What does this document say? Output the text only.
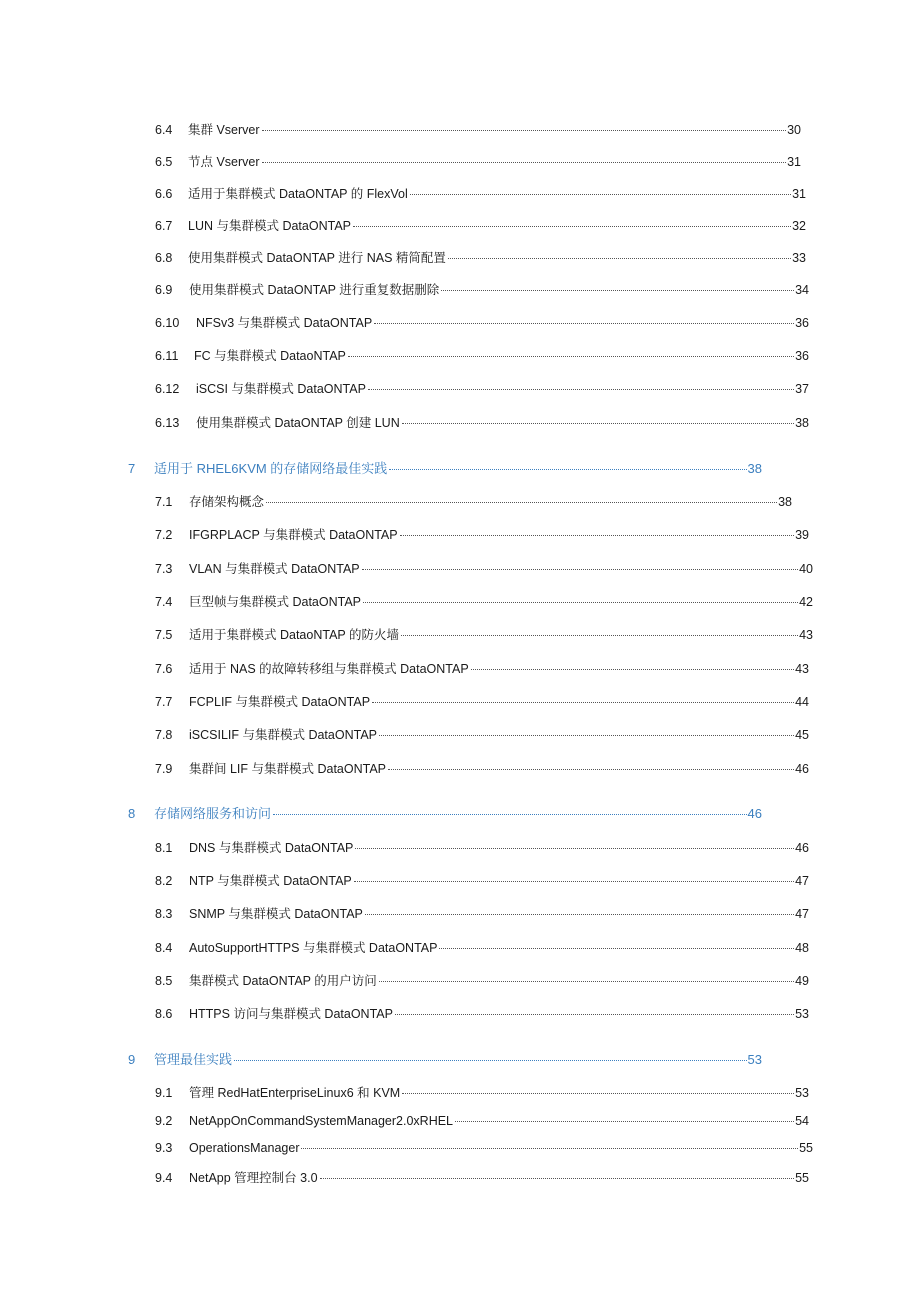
6.4	集群 Vserver	30
6.5	节点 Vserver	31
6.6	适用于集群模式 DataONTAP 的 FlexVol	31
6.7	LUN 与集群模式 DataONTAP	32
6.8	使用集群模式 DataONTAP 进行 NAS 精简配置	33
6.9	使用集群模式 DataONTAP 进行重复数据删除	34
6.10	NFSv3 与集群模式 DataONTAP	36
6.11	FC 与集群模式 DataoNTAP	36
6.12	iSCSI 与集群模式 DataONTAP	37
6.13	使用集群模式 DataONTAP 创建 LUN	38
7	适用于 RHEL6KVM 的存储网络最佳实践	38
7.1	存储架构概念	38
7.2	IFGRPLACP 与集群模式 DataONTAP	39
7.3	VLAN 与集群模式 DataONTAP	40
7.4	巨型帧与集群模式 DataONTAP	42
7.5	适用于集群模式 DataoNTAP 的防火墙	43
7.6	适用于 NAS 的故障转移组与集群模式 DataONTAP	43
7.7	FCPLIF 与集群模式 DataONTAP	44
7.8	iSCSILIF 与集群模式 DataONTAP	45
7.9	集群间 LIF 与集群模式 DataONTAP	46
8	存储网络服务和访问	46
8.1	DNS 与集群模式 DataONTAP	46
8.2	NTP 与集群模式 DataONTAP	47
8.3	SNMP 与集群模式 DataONTAP	47
8.4	AutoSupportHTTPS 与集群模式 DataONTAP	48
8.5	集群模式 DataONTAP 的用户访问	49
8.6	HTTPS 访问与集群模式 DataONTAP	53
9	管理最佳实践	53
9.1	管理 RedHatEnterpriseLinux6 和 KVM	53
9.2	NetAppOnCommandSystemManager2.0xRHEL	54
9.3	OperationsManager	55
9.4	NetApp 管理控制台 3.0	55
